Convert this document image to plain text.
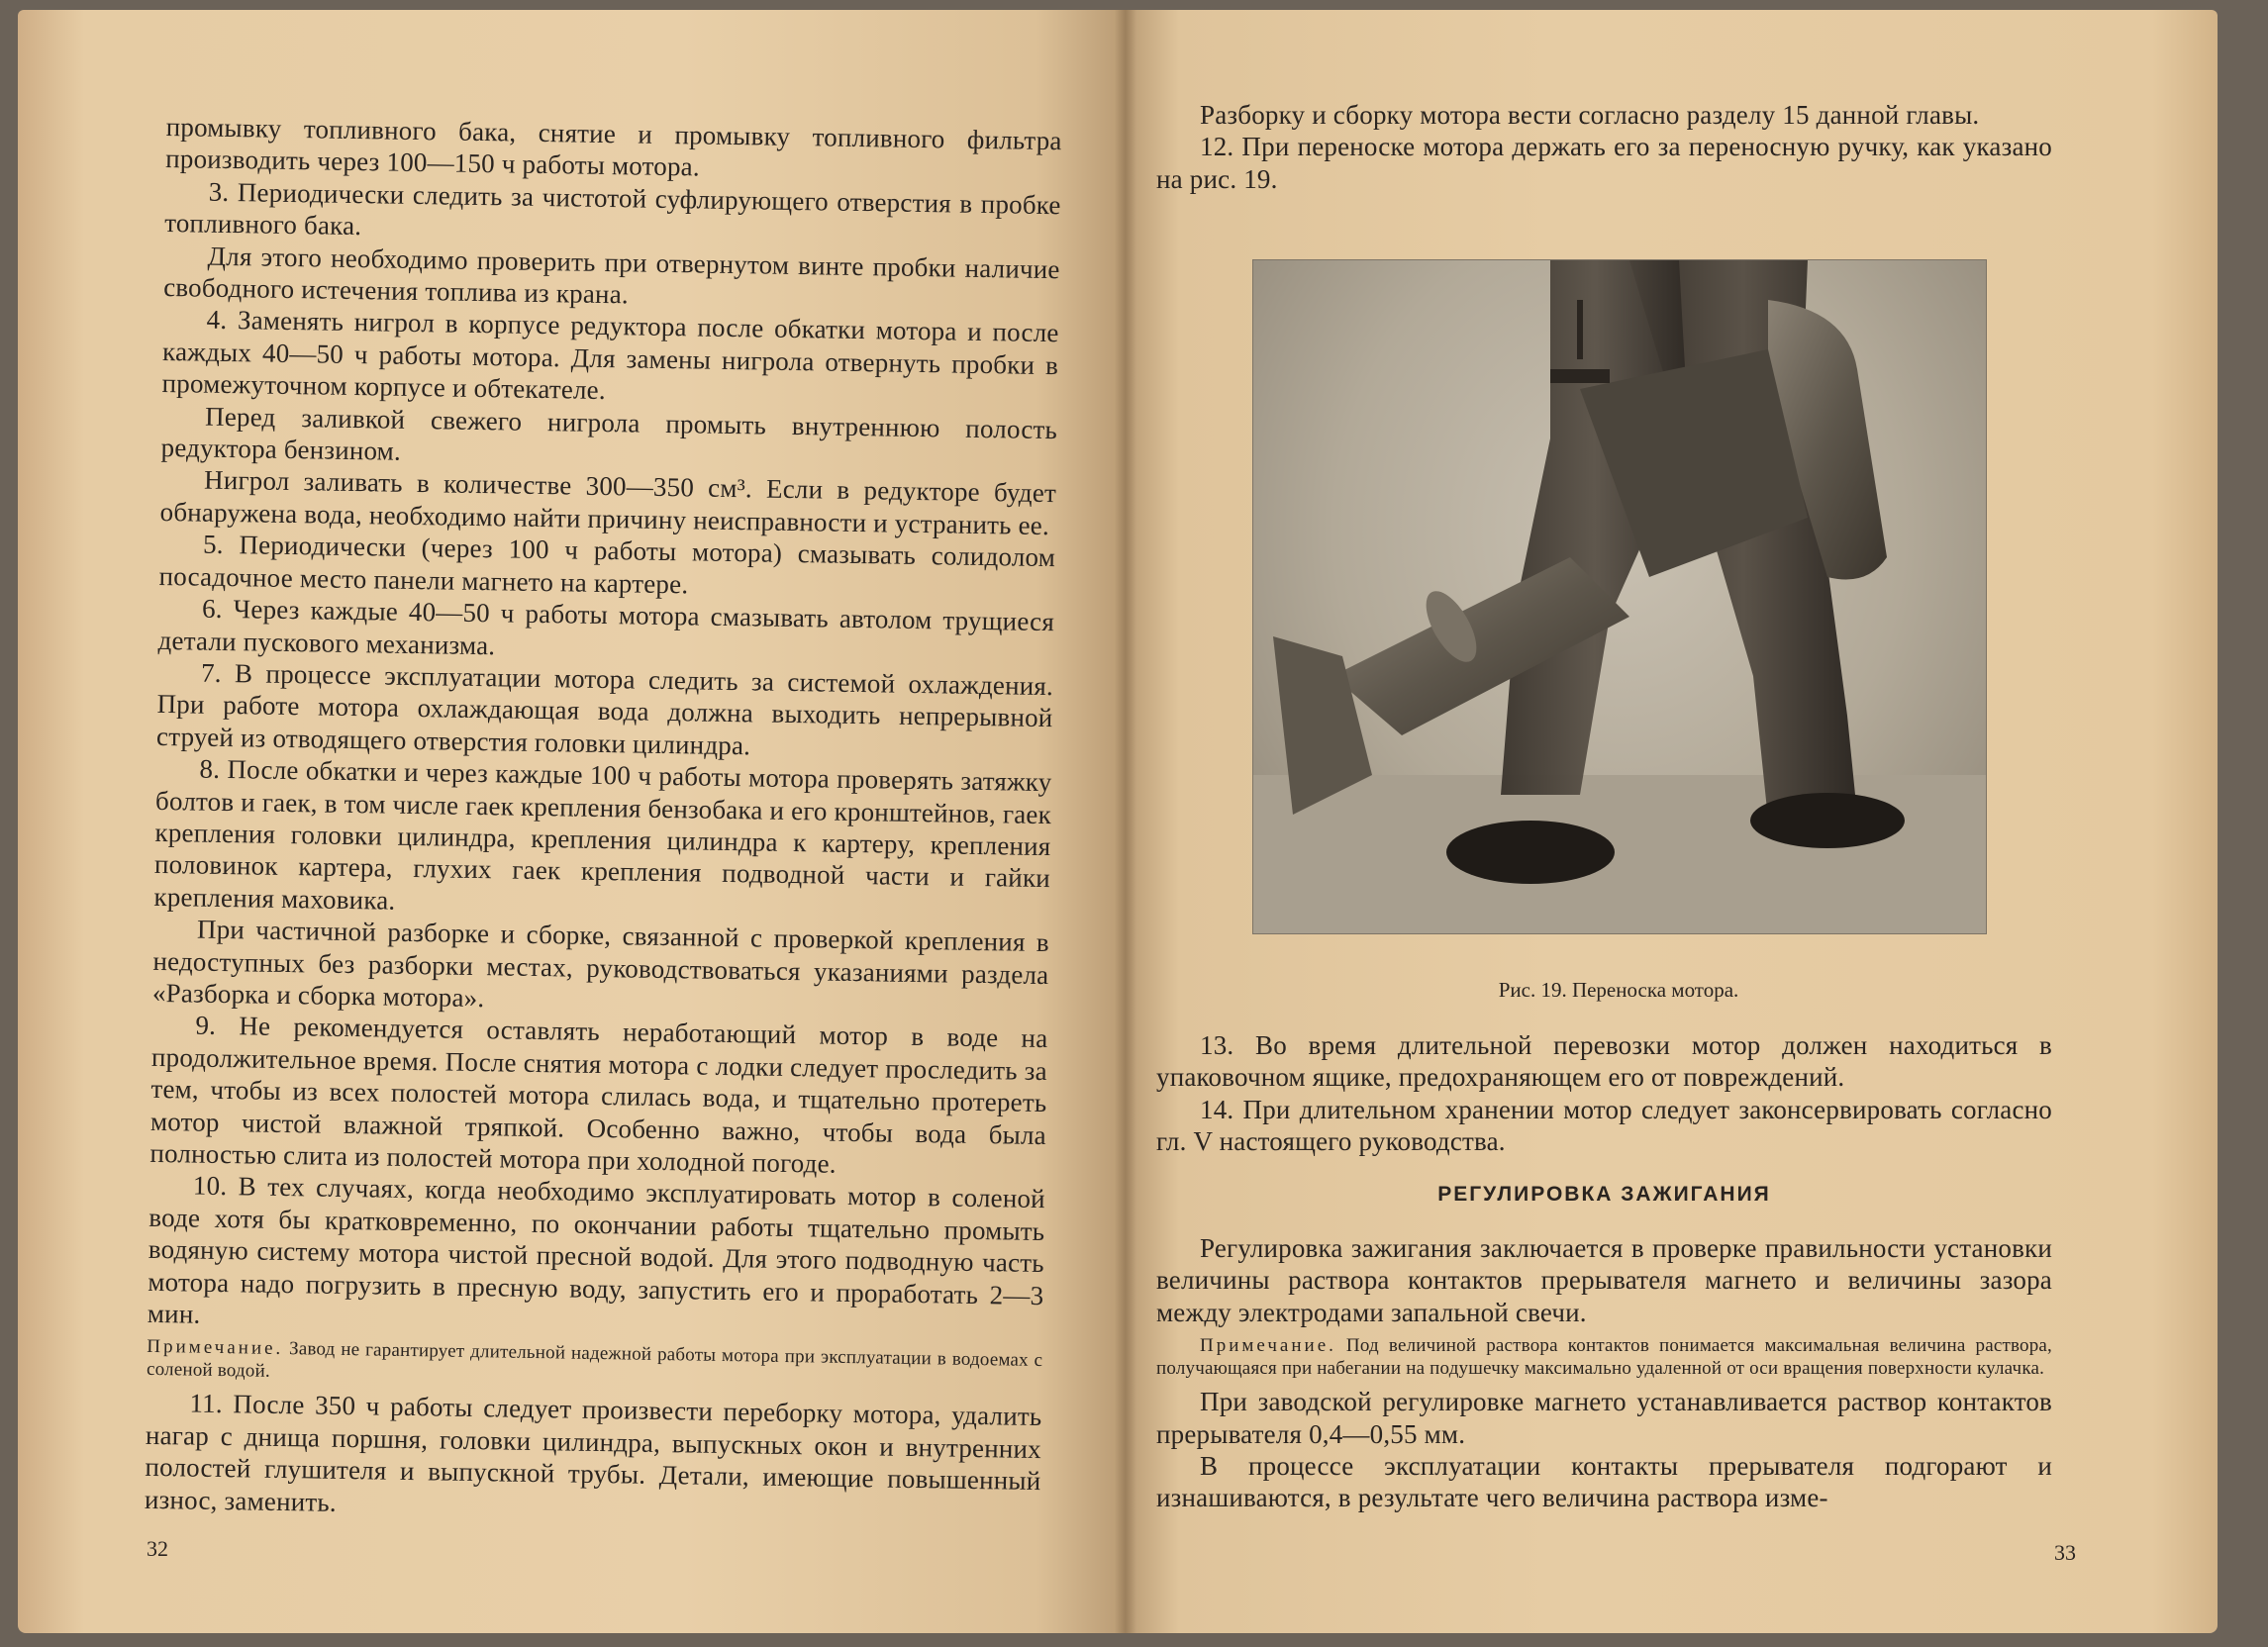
промывку топливного бака, снятие и промывку топливного фильтра производить через 100—150 ч работы мотора.

3. Периодически следить за чистотой суфлирующего отверстия в пробке топливного бака.

Для этого необходимо проверить при отвернутом винте пробки наличие свободного истечения топлива из крана.

4. Заменять нигрол в корпусе редуктора после обкатки мотора и после каждых 40—50 ч работы мотора. Для замены нигрола отвернуть пробки в промежуточном корпусе и обтекателе.

Перед заливкой свежего нигрола промыть внутреннюю полость редуктора бензином.

Нигрол заливать в количестве 300—350 см³. Если в редукторе будет обнаружена вода, необходимо найти причину неисправности и устранить ее.

5. Периодически (через 100 ч работы мотора) смазывать солидолом посадочное место панели магнето на картере.

6. Через каждые 40—50 ч работы мотора смазывать автолом трущиеся детали пускового механизма.

7. В процессе эксплуатации мотора следить за системой охлаждения. При работе мотора охлаждающая вода должна выходить непрерывной струей из отводящего отверстия головки цилиндра.

8. После обкатки и через каждые 100 ч работы мотора проверять затяжку болтов и гаек, в том числе гаек крепления бензобака и его кронштейнов, гаек крепления головки цилиндра, крепления цилиндра к картеру, крепления половинок картера, глухих гаек крепления подводной части и гайки крепления маховика.

При частичной разборке и сборке, связанной с проверкой крепления в недоступных без разборки местах, руководствоваться указаниями раздела «Разборка и сборка мотора».

9. Не рекомендуется оставлять неработающий мотор в воде на продолжительное время. После снятия мотора с лодки следует проследить за тем, чтобы из всех полостей мотора слилась вода, и тщательно протереть мотор чистой влажной тряпкой. Особенно важно, чтобы вода была полностью слита из полостей мотора при холодной погоде.

10. В тех случаях, когда необходимо эксплуатировать мотор в соленой воде хотя бы кратковременно, по окончании работы тщательно промыть водяную систему мотора чистой пресной водой. Для этого подводную часть мотора надо погрузить в пресную воду, запустить его и проработать 2—3 мин.

Примечание. Завод не гарантирует длительной надежной работы мотора при эксплуатации в водоемах с соленой водой.

11. После 350 ч работы следует произвести переборку мотора, удалить нагар с днища поршня, головки цилиндра, выпускных окон и внутренних полостей глушителя и выпускной трубы. Детали, имеющие повышенный износ, заменить.

32

Разборку и сборку мотора вести согласно разделу 15 данной главы.

12. При переноске мотора держать его за переносную ручку, как указано на рис. 19.

Рис. 19. Переноска мотора.

13. Во время длительной перевозки мотор должен находиться в упаковочном ящике, предохраняющем его от повреждений.

14. При длительном хранении мотор следует законсервировать согласно гл. V настоящего руководства.

РЕГУЛИРОВКА ЗАЖИГАНИЯ

Регулировка зажигания заключается в проверке правильности установки величины раствора контактов прерывателя магнето и величины зазора между электродами запальной свечи.

Примечание. Под величиной раствора контактов понимается максимальная величина раствора, получающаяся при набегании на подушечку максимально удаленной от оси вращения поверхности кулачка.

При заводской регулировке магнето устанавливается раствор контактов прерывателя 0,4—0,55 мм.

В процессе эксплуатации контакты прерывателя подгорают и изнашиваются, в результате чего величина раствора изме-

33
